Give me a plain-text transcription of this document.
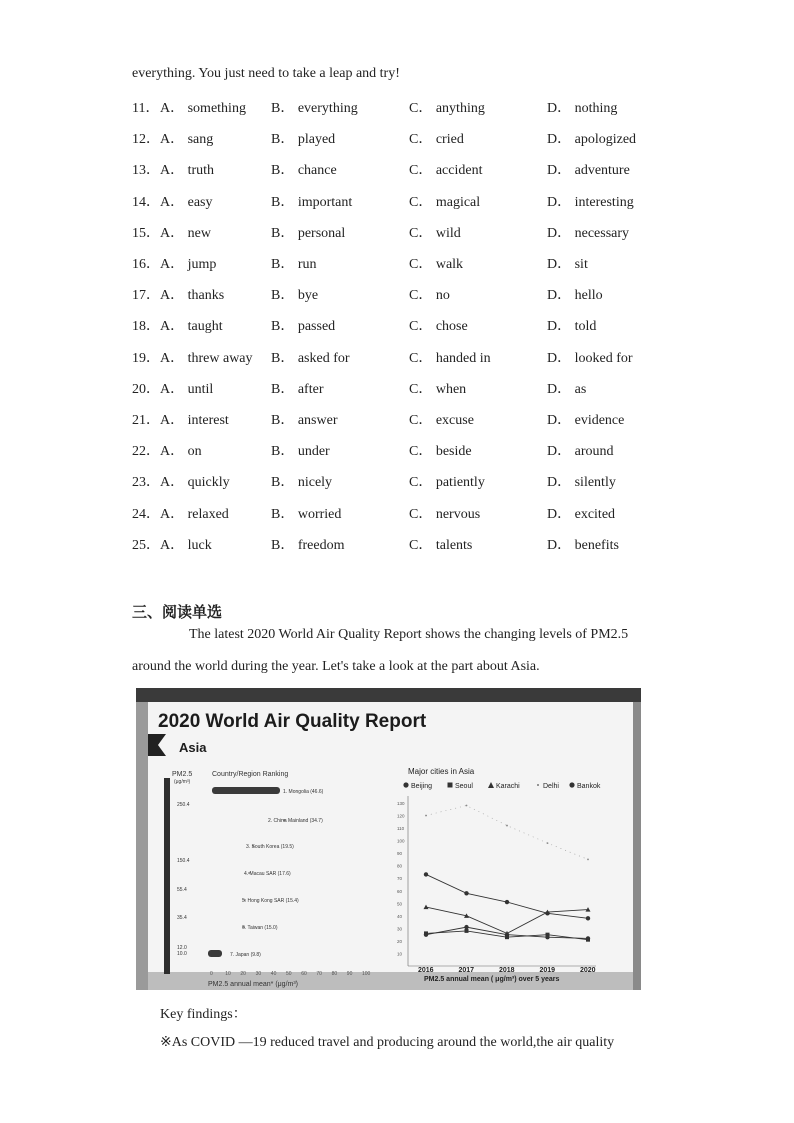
everything. You just need to take a leap and try!
11． A． something B． everything	C． anything	D． nothing
12． A． sang	B． played	C． cried	D． apologized
13． A． truth	B． chance	C． accident	D． adventure
14． A． easy	B． important	C． magical	D． interesting
15． A． new	B． personal	C． wild	D． necessary
16． A． jump	B． run	C． walk	D． sit
17． A． thanks	B． bye	C． no	D． hello
18． A． taught	B． passed	C． chose	D． told
19． A． threw away B． asked for	C． handed in	D． looked for
20． A． until	B． after	C． when	D． as
21． A． interest	B． answer	C． excuse	D． evidence
22． A． on	B． under	C． beside	D． around
23． A． quickly	B． nicely	C． patiently	D． silently
24． A． relaxed	B． worried	C． nervous	D． excited
25． A． luck	B． freedom	C． talents	D． benefits
三、阅读单选
The latest 2020 World Air Quality Report shows the changing levels of PM2.5
around the world during the year. Let's take a look at the part about Asia.
2020 World Air Quality Report
Asia
PM2.5
(μg/m³)
250.4
150.4
55.4
35.4
12.0
10.0
Country/Region Ranking
1. Mongolia (46.6)
2. China Mainland (34.7)
3. South Korea (19.5)
4. Macau SAR (17.6)
5. Hong Kong SAR (15.4)
6. Taiwan (15.0)
7. Japan (9.8)
0 10 20 30 40 50 60 70 80 90 100
PM2.5 annual mean* (μg/m³)
Major cities in Asia
Beijing	Seoul	Karachi	Delhi	Bankok
130
120
110
100
90
80
70
60
50
40
30
20
10
2016	2017	2018	2019	2020
PM2.5 annual mean ( μg/m³) over 5 years
Key findings：
※As COVID —19 reduced travel and producing around the world,the air quality
